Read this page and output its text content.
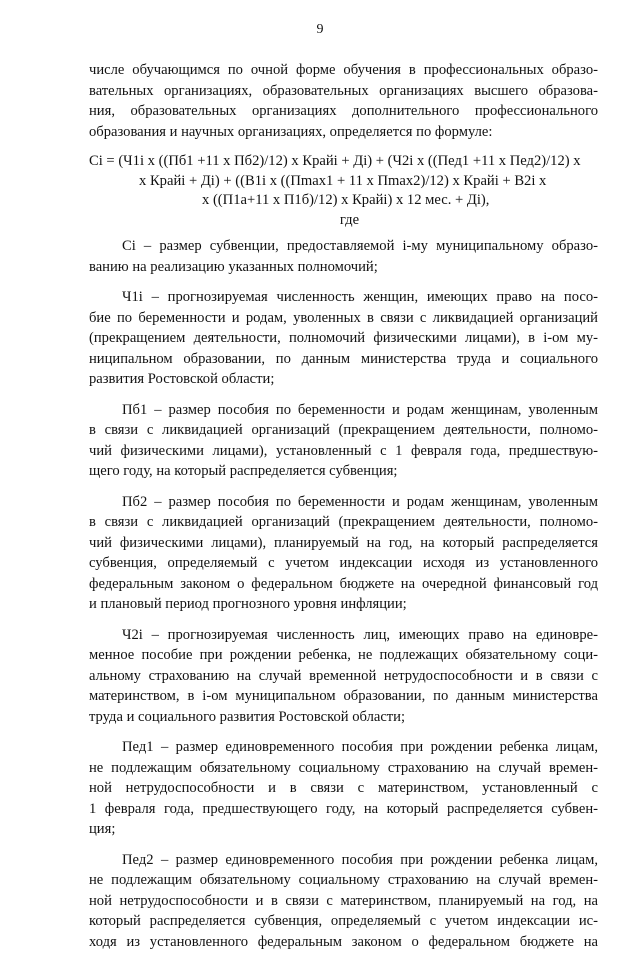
9
числе обучающимся по очной форме обучения в профессиональных образо-
вательных организациях, образовательных организациях высшего образова-
ния, образовательных организациях дополнительного профессионального
образования и научных организациях, определяется по формуле:
Ci = (Ч1i х ((Пб1 +11 х Пб2)/12) х Крайi + Дi) + (Ч2i х ((Пед1 +11 х Пед2)/12) х
х Крайi + Дi) + ((В1i х ((Пmax1 + 11 х Пmax2)/12) х Крайi + В2i х
х ((П1а+11 х П1б)/12) х Крайi) х 12 мес. + Дi),
где
Ci – размер субвенции, предоставляемой i-му муниципальному образо-
ванию на реализацию указанных полномочий;
Ч1i – прогнозируемая численность женщин, имеющих право на посо-
бие по беременности и родам, уволенных в связи с ликвидацией организаций
(прекращением деятельности, полномочий физическими лицами), в i-ом му-
ниципальном образовании, по данным министерства труда и социального
развития Ростовской области;
Пб1 – размер пособия по беременности и родам женщинам, уволенным
в связи с ликвидацией организаций (прекращением деятельности, полномо-
чий физическими лицами), установленный с 1 февраля года, предшествую-
щего году, на который распределяется субвенция;
Пб2 – размер пособия по беременности и родам женщинам, уволенным
в связи с ликвидацией организаций (прекращением деятельности, полномо-
чий физическими лицами), планируемый на год, на который распределяется
субвенция, определяемый с учетом индексации исходя из установленного
федеральным законом о федеральном бюджете на очередной финансовый год
и плановый период прогнозного уровня инфляции;
Ч2i – прогнозируемая численность лиц, имеющих право на единовре-
менное пособие при рождении ребенка, не подлежащих обязательному соци-
альному страхованию на случай временной нетрудоспособности и в связи с
материнством, в i-ом муниципальном образовании, по данным министерства
труда и социального развития Ростовской области;
Пед1 – размер единовременного пособия при рождении ребенка лицам,
не подлежащим обязательному социальному страхованию на случай времен-
ной нетрудоспособности и в связи с материнством, установленный с
1 февраля года, предшествующего году, на который распределяется субвен-
ция;
Пед2 – размер единовременного пособия при рождении ребенка лицам,
не подлежащим обязательному социальному страхованию на случай времен-
ной нетрудоспособности и в связи с материнством, планируемый на год, на
который распределяется субвенция, определяемый с учетом индексации ис-
ходя из установленного федеральным законом о федеральном бюджете на
